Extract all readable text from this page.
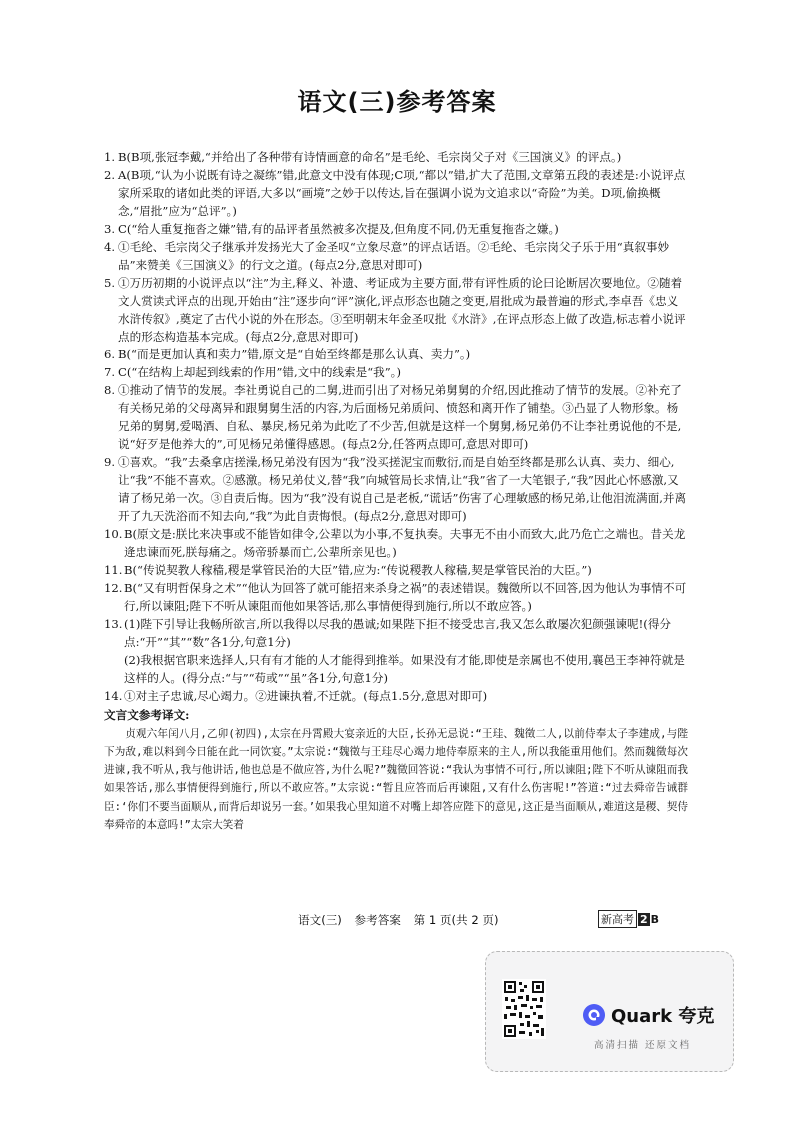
语文(三)参考答案
1. B(B项,张冠李戴,“并给出了各种带有诗情画意的命名”是毛纶、毛宗岗父子对《三国演义》的评点。)
2. A(B项,“认为小说既有诗之凝练”错,此意文中没有体现;C项,“都以”错,扩大了范围,文章第五段的表述是:小说评点家所采取的诸如此类的评语,大多以“画境”之妙于以传达,旨在强调小说为文追求以“奇险”为美。D项,偷换概念,“眉批”应为“总评”。)
3. C(“给人重复拖沓之嫌”错,有的品评者虽然被多次提及,但角度不同,仍无重复拖沓之嫌。)
4. ①毛纶、毛宗岗父子继承并发扬光大了金圣叹“立象尽意”的评点话语。②毛纶、毛宗岗父子乐于用“真叙事妙品”来赞美《三国演义》的行文之道。(每点2分,意思对即可)
5. ①万历初期的小说评点以“注”为主,释义、补遗、考证成为主要方面,带有评性质的论曰论断居次要地位。②随着文人赏读式评点的出现,开始由“注”逐步向“评”演化,评点形态也随之变更,眉批成为最普遍的形式,李卓吾《忠义水浒传叙》,奠定了古代小说的外在形态。③至明朝末年金圣叹批《水浒》,在评点形态上做了改造,标志着小说评点的形态构造基本完成。(每点2分,意思对即可)
6. B(“而是更加认真和卖力”错,原文是“自始至终都是那么认真、卖力”。)
7. C(“在结构上却起到线索的作用”错,文中的线索是“我”。)
8. ①推动了情节的发展。李社勇说自己的二舅,进而引出了对杨兄弟舅舅的介绍,因此推动了情节的发展。②补充了有关杨兄弟的父母离异和跟舅舅生活的内容,为后面杨兄弟质问、愤怒和离开作了铺垫。③凸显了人物形象。杨兄弟的舅舅,爱喝酒、自私、暴戾,杨兄弟为此吃了不少苦,但就是这样一个舅舅,杨兄弟仍不让李社勇说他的不是,说“好歹是他养大的”,可见杨兄弟懂得感恩。(每点2分,任答两点即可,意思对即可)
9. ①喜欢。“我”去桑拿店搓澡,杨兄弟没有因为“我”没买搓泥宝而敷衍,而是自始至终都是那么认真、卖力、细心,让“我”不能不喜欢。②感激。杨兄弟仗义,替“我”向城管局长求情,让“我”省了一大笔银子,“我”因此心怀感激,又请了杨兄弟一次。③自责后悔。因为“我”没有说自己是老板,“谎话”伤害了心理敏感的杨兄弟,让他泪流满面,并离开了九天洗浴而不知去向,“我”为此自责悔恨。(每点2分,意思对即可)
10. B(原文是:朕比来决事或不能皆如律令,公辈以为小事,不复执奏。夫事无不由小而致大,此乃危亡之端也。昔关龙逄忠谏而死,朕每痛之。炀帝骄暴而亡,公辈所亲见也。)
11. B(“传说契教人稼穑,稷是掌管民治的大臣”错,应为:“传说稷教人稼穑,契是掌管民治的大臣。”)
12. B(“又有明哲保身之术”“他认为回答了就可能招来杀身之祸”的表述错误。魏徵所以不回答,因为他认为事情不可行,所以谏阻;陛下不听从谏阻而他如果答话,那么事情便得到施行,所以不敢应答。)
13. (1)陛下引导让我畅所欲言,所以我得以尽我的愚诚;如果陛下拒不接受忠言,我又怎么敢屡次犯颜强谏呢!(得分点:“开”“其”“数”各1分,句意1分)
(2)我根据官职来选择人,只有有才能的人才能得到推举。如果没有才能,即使是亲属也不使用,襄邑王李神符就是这样的人。(得分点:“与”“苟或”“虽”各1分,句意1分)
14. ①对主子忠诚,尽心竭力。②进谏执着,不迁就。(每点1.5分,意思对即可)
文言文参考译文:
贞观六年闰八月,乙卯(初四),太宗在丹霄殿大宴亲近的大臣,长孙无忌说:“王珪、魏徵二人,以前侍奉太子李建成,与陛下为敌,难以料到今日能在此一同饮宴。”太宗说:“魏徵与王珪尽心竭力地侍奉原来的主人,所以我能重用他们。然而魏徵每次进谏,我不听从,我与他讲话,他也总是不做应答,为什么呢?”魏徵回答说:“我认为事情不可行,所以谏阻;陛下不听从谏阻而我如果答话,那么事情便得到施行,所以不敢应答。”太宗说:“暂且应答而后再谏阻,又有什么伤害呢!”答道:“过去舜帝告诫群臣:‘你们不要当面顺从,而背后却说另一套。’如果我心里知道不对嘴上却答应陛下的意见,这正是当面顺从,难道这是稷、契侍奉舜帝的本意吗!”太宗大笑着
语文(三) 参考答案 第 1 页(共 2 页)	新高考 2 B
Quark 夸克
高清扫描 还原文档
